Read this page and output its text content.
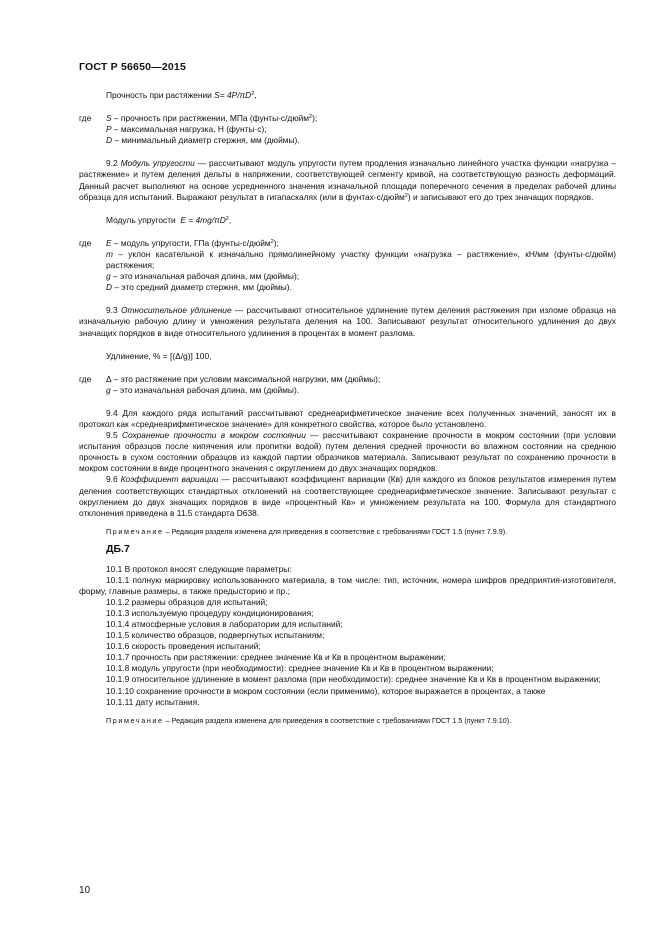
ГОСТ Р 56650—2015

Прочность при растяжении $S= 4P/\pi D^2$,

где	S – прочность при растяжении, МПа (фунты-с/дюйм$^2$);

P – максимальная нагрузка, Н (фунты·с);

D – минимальный диаметр стержня, мм (дюймы).

9.2 Модуль упругости — рассчитывают модуль упругости путем продления изначально линейного участка функции «нагрузка – растяжение» и путем деления дельты в напряжении, соответствующей сегменту кривой, на соответствующую разность деформаций. Данный расчет выполняют на основе усредненного значения изначальной площади поперечного сечения в пределах рабочей длины образца для испытаний. Выражают результат в гигапаскалях (или в фунтах-с/дюйм$^2$) и записывают его до трех значащих порядков.

Модуль упругости $E = 4mg/\pi D^2$,

где	E – модуль упругости, ГПа (фунты-с/дюйм$^2$);

m – уклон касательной к изначально прямолинейному участку функции «нагрузка – растяжение», кН/мм (фунты-с/дюйм) растяжения;

g – это изначальная рабочая длина, мм (дюймы);

D – это средний диаметр стержня, мм (дюймы).

9.3 Относительное удлинение — рассчитывают относительное удлинение путем деления растяжения при изломе образца на изначальную рабочую длину и умножения результата деления на 100. Записывают результат относительного удлинения до двух значащих порядков в виде относительного удлинения в процентах в момент разлома.

Удлинение, % = [(Δ/g)] 100,

где	Δ – это растяжение при условии максимальной нагрузки, мм (дюймы);

g – это изначальная рабочая длина, мм (дюймы).

9.4 Для каждого ряда испытаний рассчитывают среднеарифметическое значение всех полученных значений, заносят их в протокол как «среднеарифметическое значение» для конкретного свойства, которое было установлено.

9.5 Сохранение прочности в мокром состоянии — рассчитывают сохранение прочности в мокром состоянии (при условии испытания образцов после кипячения или пропитки водой) путем деления средней прочности во влажном состоянии на среднюю прочность в сухом состоянии образцов из каждой партии образчиков материала. Записывают результат по сохранению прочности в мокром состоянии в виде процентного значения с округлением до двух значащих порядков.

9.6 Коэффициент вариации — рассчитывают коэффициент вариации (Кв) для каждого из блоков результатов измерения путем деления соответствующих стандартных отклонений на соответствующее среднеарифметическое значение. Записывают результат с округлением до двух значащих порядков в виде «процентный Кв» и умножением результата на 100. Формула для стандартного отклонения приведена в 11.5 стандарта D638.

Примечание – Редакция раздела изменена для приведения в соответствие с требованиями ГОСТ 1.5 (пункт 7.9.9).

ДБ.7

10.1 В протокол вносят следующие параметры:

10.1.1 полную маркировку использованного материала, в том числе: тип, источник, номера шифров предприятия-изготовителя, форму, главные размеры, а также предысторию и пр.;

10.1.2 размеры образцов для испытаний;

10.1.3 используемую процедуру кондиционирования;

10.1.4 атмосферные условия в лаборатории для испытаний;

10.1.5 количество образцов, подвергнутых испытаниям;

10.1.6 скорость проведения испытаний;

10.1.7 прочность при растяжении: среднее значение Кв и Кв в процентном выражении;

10.1.8 модуль упругости (при необходимости): среднее значение Кв и Кв в процентном выражении;

10.1.9 относительное удлинение в момент разлома (при необходимости): среднее значение Кв и Кв в процентном выражении;

10.1.10 сохранение прочности в мокром состоянии (если применимо), которое выражается в процентах, а также

10.1.11 дату испытания.

Примечание – Редакция раздела изменена для приведения в соответствие с требованиями ГОСТ 1.5 (пункт 7.9.10).

10
